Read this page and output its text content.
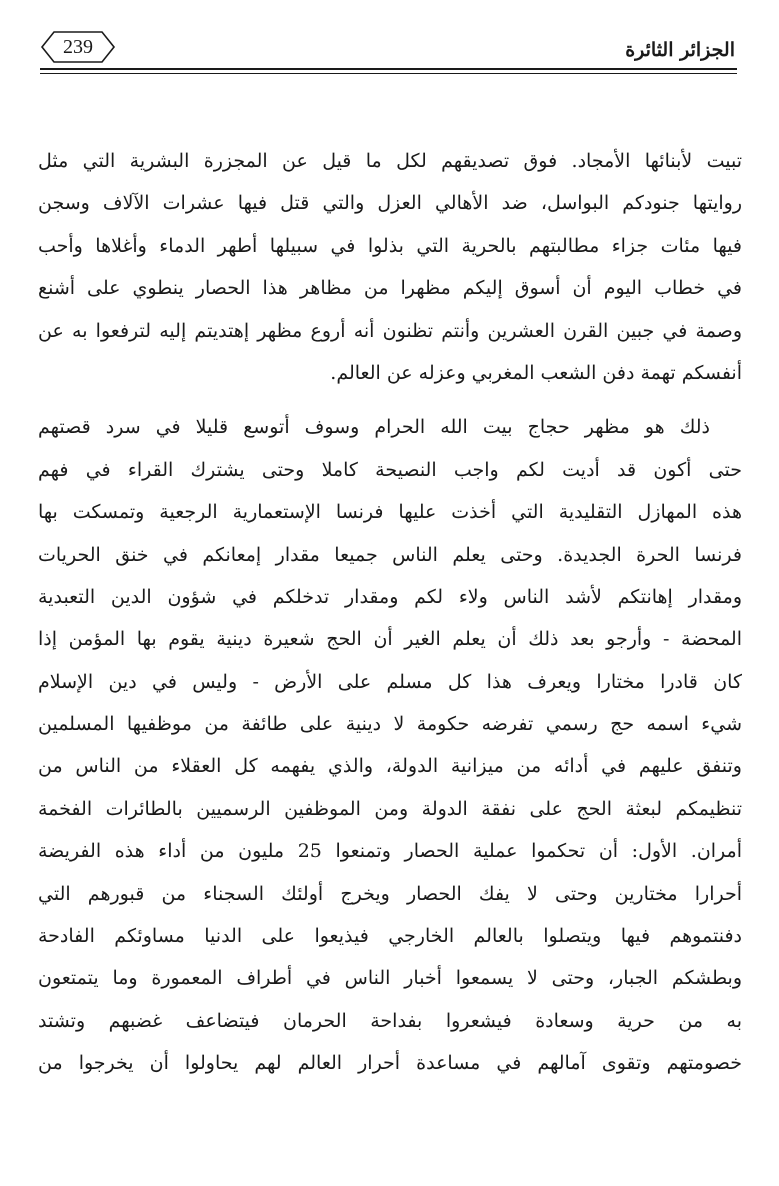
الجزائر الثائرة
239
تبيت لأبنائها الأمجاد. فوق تصديقهم لكل ما قيل عن المجزرة البشرية التي مثل
روايتها جنودكم البواسل، ضد الأهالي العزل والتي قتل فيها عشرات الآلاف وسجن
فيها مئات جزاء مطالبتهم بالحرية التي بذلوا في سبيلها أطهر الدماء وأغلاها وأحب
في خطاب اليوم أن أسوق إليكم مظهرا من مظاهر هذا الحصار ينطوي على أشنع
وصمة في جبين القرن العشرين وأنتم تظنون أنه أروع مظهر إهتديتم إليه لترفعوا به عن
أنفسكم تهمة دفن الشعب المغربي وعزله عن العالم.
ذلك هو مظهر حجاج بيت الله الحرام وسوف أتوسع قليلا في سرد قصتهم
حتى أكون قد أديت لكم واجب النصيحة كاملا وحتى يشترك القراء في فهم
هذه المهازل التقليدية التي أخذت عليها فرنسا الإستعمارية الرجعية وتمسكت بها
فرنسا الحرة الجديدة. وحتى يعلم الناس جميعا مقدار إمعانكم في خنق الحريات
ومقدار إهانتكم لأشد الناس ولاء لكم ومقدار تدخلكم في شؤون الدين التعبدية
المحضة - وأرجو بعد ذلك أن يعلم الغير أن الحج شعيرة دينية يقوم بها المؤمن إذا
كان قادرا مختارا ويعرف هذا كل مسلم على الأرض - وليس في دين الإسلام
شيء اسمه حج رسمي تفرضه حكومة لا دينية على طائفة من موظفيها المسلمين
وتنفق عليهم في أدائه من ميزانية الدولة، والذي يفهمه كل العقلاء من الناس من
تنظيمكم لبعثة الحج على نفقة الدولة ومن الموظفين الرسميين بالطائرات الفخمة
أمران. الأول: أن تحكموا عملية الحصار وتمنعوا 25 مليون من أداء هذه الفريضة
أحرارا مختارين وحتى لا يفك الحصار ويخرج أولئك السجناء من قبورهم التي
دفنتموهم فيها ويتصلوا بالعالم الخارجي فيذيعوا على الدنيا مساوئكم الفادحة
وبطشكم الجبار، وحتى لا يسمعوا أخبار الناس في أطراف المعمورة وما يتمتعون
به من حرية وسعادة فيشعروا بفداحة الحرمان فيتضاعف غضبهم وتشتد
خصومتهم وتقوى آمالهم في مساعدة أحرار العالم لهم يحاولوا أن يخرجوا من
